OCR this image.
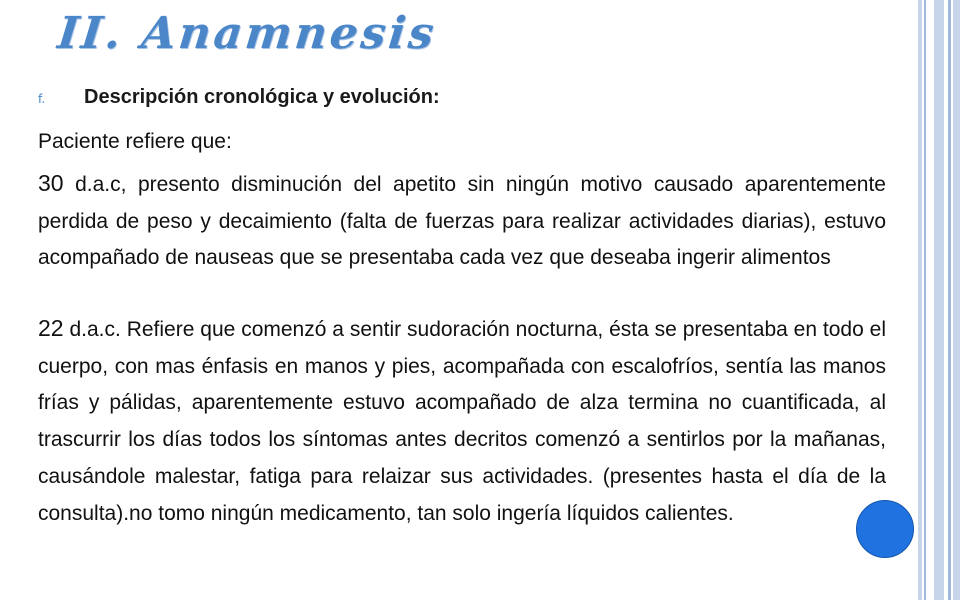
II. Anamnesis
f. Descripción cronológica y evolución:
Paciente refiere que:
30 d.a.c, presento disminución del apetito sin ningún motivo causado aparentemente perdida de peso y decaimiento (falta de fuerzas para realizar actividades diarias), estuvo acompañado de nauseas que se presentaba cada vez que deseaba ingerir alimentos
22 d.a.c. Refiere que comenzó a sentir sudoración nocturna, ésta se presentaba en todo el cuerpo, con mas énfasis en manos y pies, acompañada con escalofríos, sentía las manos frías y pálidas, aparentemente estuvo acompañado de alza termina no cuantificada, al trascurrir los días todos los síntomas antes decritos comenzó a sentirlos por la mañanas, causándole malestar, fatiga para relaizar sus actividades. (presentes hasta el día de la consulta).no tomo ningún medicamento, tan solo ingería líquidos calientes.
